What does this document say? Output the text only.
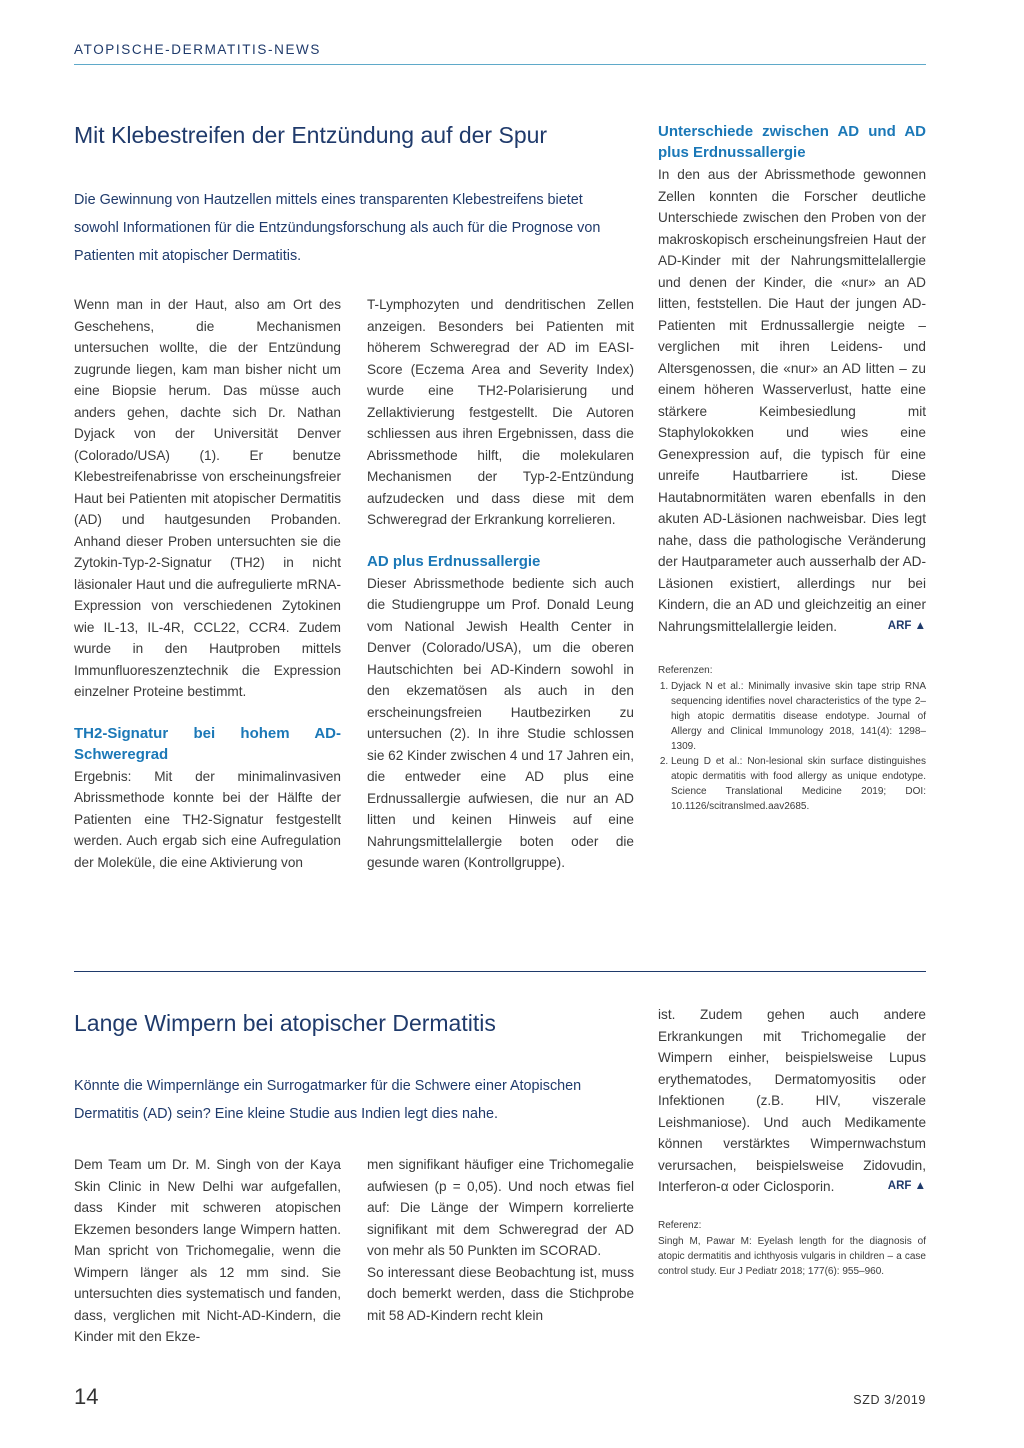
ATOPISCHE-DERMATITIS-NEWS
Mit Klebestreifen der Entzündung auf der Spur

Die Gewinnung von Hautzellen mittels eines transparenten Klebestreifens bietet sowohl Informationen für die Entzündungsforschung als auch für die Prognose von Patienten mit atopischer Dermatitis.

Wenn man in der Haut, also am Ort des Geschehens, die Mechanismen untersuchen wollte, die der Entzündung zugrunde liegen, kam man bisher nicht um eine Biopsie herum. Das müsse auch anders gehen, dachte sich Dr. Nathan Dyjack von der Universität Denver (Colorado/USA) (1). Er benutze Klebestreifenabrisse von erscheinungsfreier Haut bei Patienten mit atopischer Dermatitis (AD) und hautgesunden Probanden. Anhand dieser Proben untersuchten sie die Zytokin-Typ-2-Signatur (TH2) in nicht läsionaler Haut und die aufregulierte mRNA-Expression von verschiedenen Zytokinen wie IL-13, IL-4R, CCL22, CCR4. Zudem wurde in den Hautproben mittels Immunfluoreszenztechnik die Expression einzelner Proteine bestimmt.

TH2-Signatur bei hohem AD-Schweregrad

Ergebnis: Mit der minimalinvasiven Abrissmethode konnte bei der Hälfte der Patienten eine TH2-Signatur festgestellt werden. Auch ergab sich eine Aufregulation der Moleküle, die eine Aktivierung von

T-Lymphozyten und dendritischen Zellen anzeigen. Besonders bei Patienten mit höherem Schweregrad der AD im EASI-Score (Eczema Area and Severity Index) wurde eine TH2-Polarisierung und Zellaktivierung festgestellt. Die Autoren schliessen aus ihren Ergebnissen, dass die Abrissmethode hilft, die molekularen Mechanismen der Typ-2-Entzündung aufzudecken und dass diese mit dem Schweregrad der Erkrankung korrelieren.

AD plus Erdnussallergie

Dieser Abrissmethode bediente sich auch die Studiengruppe um Prof. Donald Leung vom National Jewish Health Center in Denver (Colorado/USA), um die oberen Hautschichten bei AD-Kindern sowohl in den ekzematösen als auch in den erscheinungsfreien Hautbezirken zu untersuchen (2). In ihre Studie schlossen sie 62 Kinder zwischen 4 und 17 Jahren ein, die entweder eine AD plus eine Erdnussallergie aufwiesen, die nur an AD litten und keinen Hinweis auf eine Nahrungsmittelallergie boten oder die gesunde waren (Kontrollgruppe).

Unterschiede zwischen AD und AD plus Erdnussallergie

In den aus der Abrissmethode gewonnen Zellen konnten die Forscher deutliche Unterschiede zwischen den Proben von der makroskopisch erscheinungsfreien Haut der AD-Kinder mit der Nahrungsmittelallergie und denen der Kinder, die «nur» an AD litten, feststellen. Die Haut der jungen AD-Patienten mit Erdnussallergie neigte – verglichen mit ihren Leidens- und Altersgenossen, die «nur» an AD litten – zu einem höheren Wasserverlust, hatte eine stärkere Keimbesiedlung mit Staphylokokken und wies eine Genexpression auf, die typisch für eine unreife Hautbarriere ist. Diese Hautabnormitäten waren ebenfalls in den akuten AD-Läsionen nachweisbar. Dies legt nahe, dass die pathologische Veränderung der Hautparameter auch ausserhalb der AD-Läsionen existiert, allerdings nur bei Kindern, die an AD und gleichzeitig an einer Nahrungsmittelallergie leiden.	ARF ▲

Referenzen:

1. Dyjack N et al.: Minimally invasive skin tape strip RNA sequencing identifies novel characteristics of the type 2–high atopic dermatitis disease endotype. Journal of Allergy and Clinical Immunology 2018, 141(4): 1298–1309.
2. Leung D et al.: Non-lesional skin surface distinguishes atopic dermatitis with food allergy as unique endotype. Science Translational Medicine 2019; DOI: 10.1126/scitranslmed.aav2685.
Lange Wimpern bei atopischer Dermatitis

Könnte die Wimpernlänge ein Surrogatmarker für die Schwere einer Atopischen Dermatitis (AD) sein? Eine kleine Studie aus Indien legt dies nahe.

Dem Team um Dr. M. Singh von der Kaya Skin Clinic in New Delhi war aufgefallen, dass Kinder mit schweren atopischen Ekzemen besonders lange Wimpern hatten. Man spricht von Trichomegalie, wenn die Wimpern länger als 12 mm sind. Sie untersuchten dies systematisch und fanden, dass, verglichen mit Nicht-AD-Kindern, die Kinder mit den Ekze-

men signifikant häufiger eine Trichomegalie aufwiesen (p = 0,05). Und noch etwas fiel auf: Die Länge der Wimpern korrelierte signifikant mit dem Schweregrad der AD von mehr als 50 Punkten im SCORAD.

So interessant diese Beobachtung ist, muss doch bemerkt werden, dass die Stichprobe mit 58 AD-Kindern recht klein

ist. Zudem gehen auch andere Erkrankungen mit Trichomegalie der Wimpern einher, beispielsweise Lupus erythematodes, Dermatomyositis oder Infektionen (z.B. HIV, viszerale Leishmaniose). Und auch Medikamente können verstärktes Wimpernwachstum verursachen, beispielsweise Zidovudin, Interferon-α oder Ciclosporin.	ARF ▲

Referenz:

Singh M, Pawar M: Eyelash length for the diagnosis of atopic dermatitis and ichthyosis vulgaris in children – a case control study. Eur J Pediatr 2018; 177(6): 955–960.

14	SZD 3/2019
